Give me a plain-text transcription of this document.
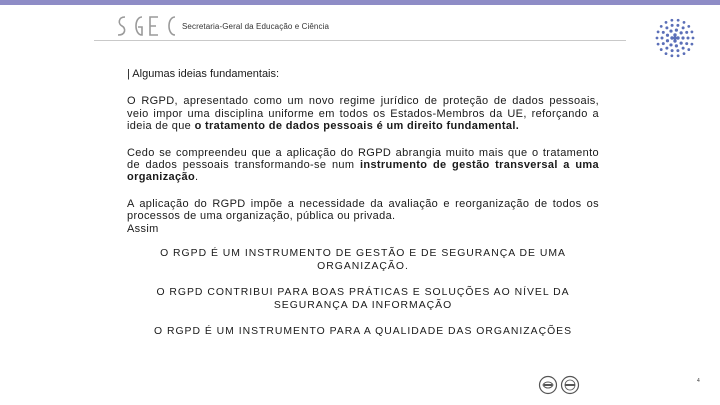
Secretaria-Geral da Educação e Ciência

| Algumas ideias fundamentais:

O RGPD, apresentado como um novo regime jurídico de proteção de dados pessoais, veio impor uma disciplina uniforme em todos os Estados-Membros da UE, reforçando a ideia de que o tratamento de dados pessoais é um direito fundamental.

Cedo se compreendeu que a aplicação do RGPD abrangia muito mais que o tratamento de dados pessoais transformando-se num instrumento de gestão transversal a uma organização.

A aplicação do RGPD impõe a necessidade da avaliação e reorganização de todos os processos de uma organização, pública ou privada.
Assim

O RGPD É UM INSTRUMENTO DE GESTÃO E DE SEGURANÇA DE UMA ORGANIZAÇÃO.

O RGPD CONTRIBUI PARA BOAS PRÁTICAS E SOLUÇÕES AO NÍVEL DA SEGURANÇA DA INFORMAÇÃO

O RGPD É UM INSTRUMENTO PARA A QUALIDADE DAS ORGANIZAÇÕES

4
